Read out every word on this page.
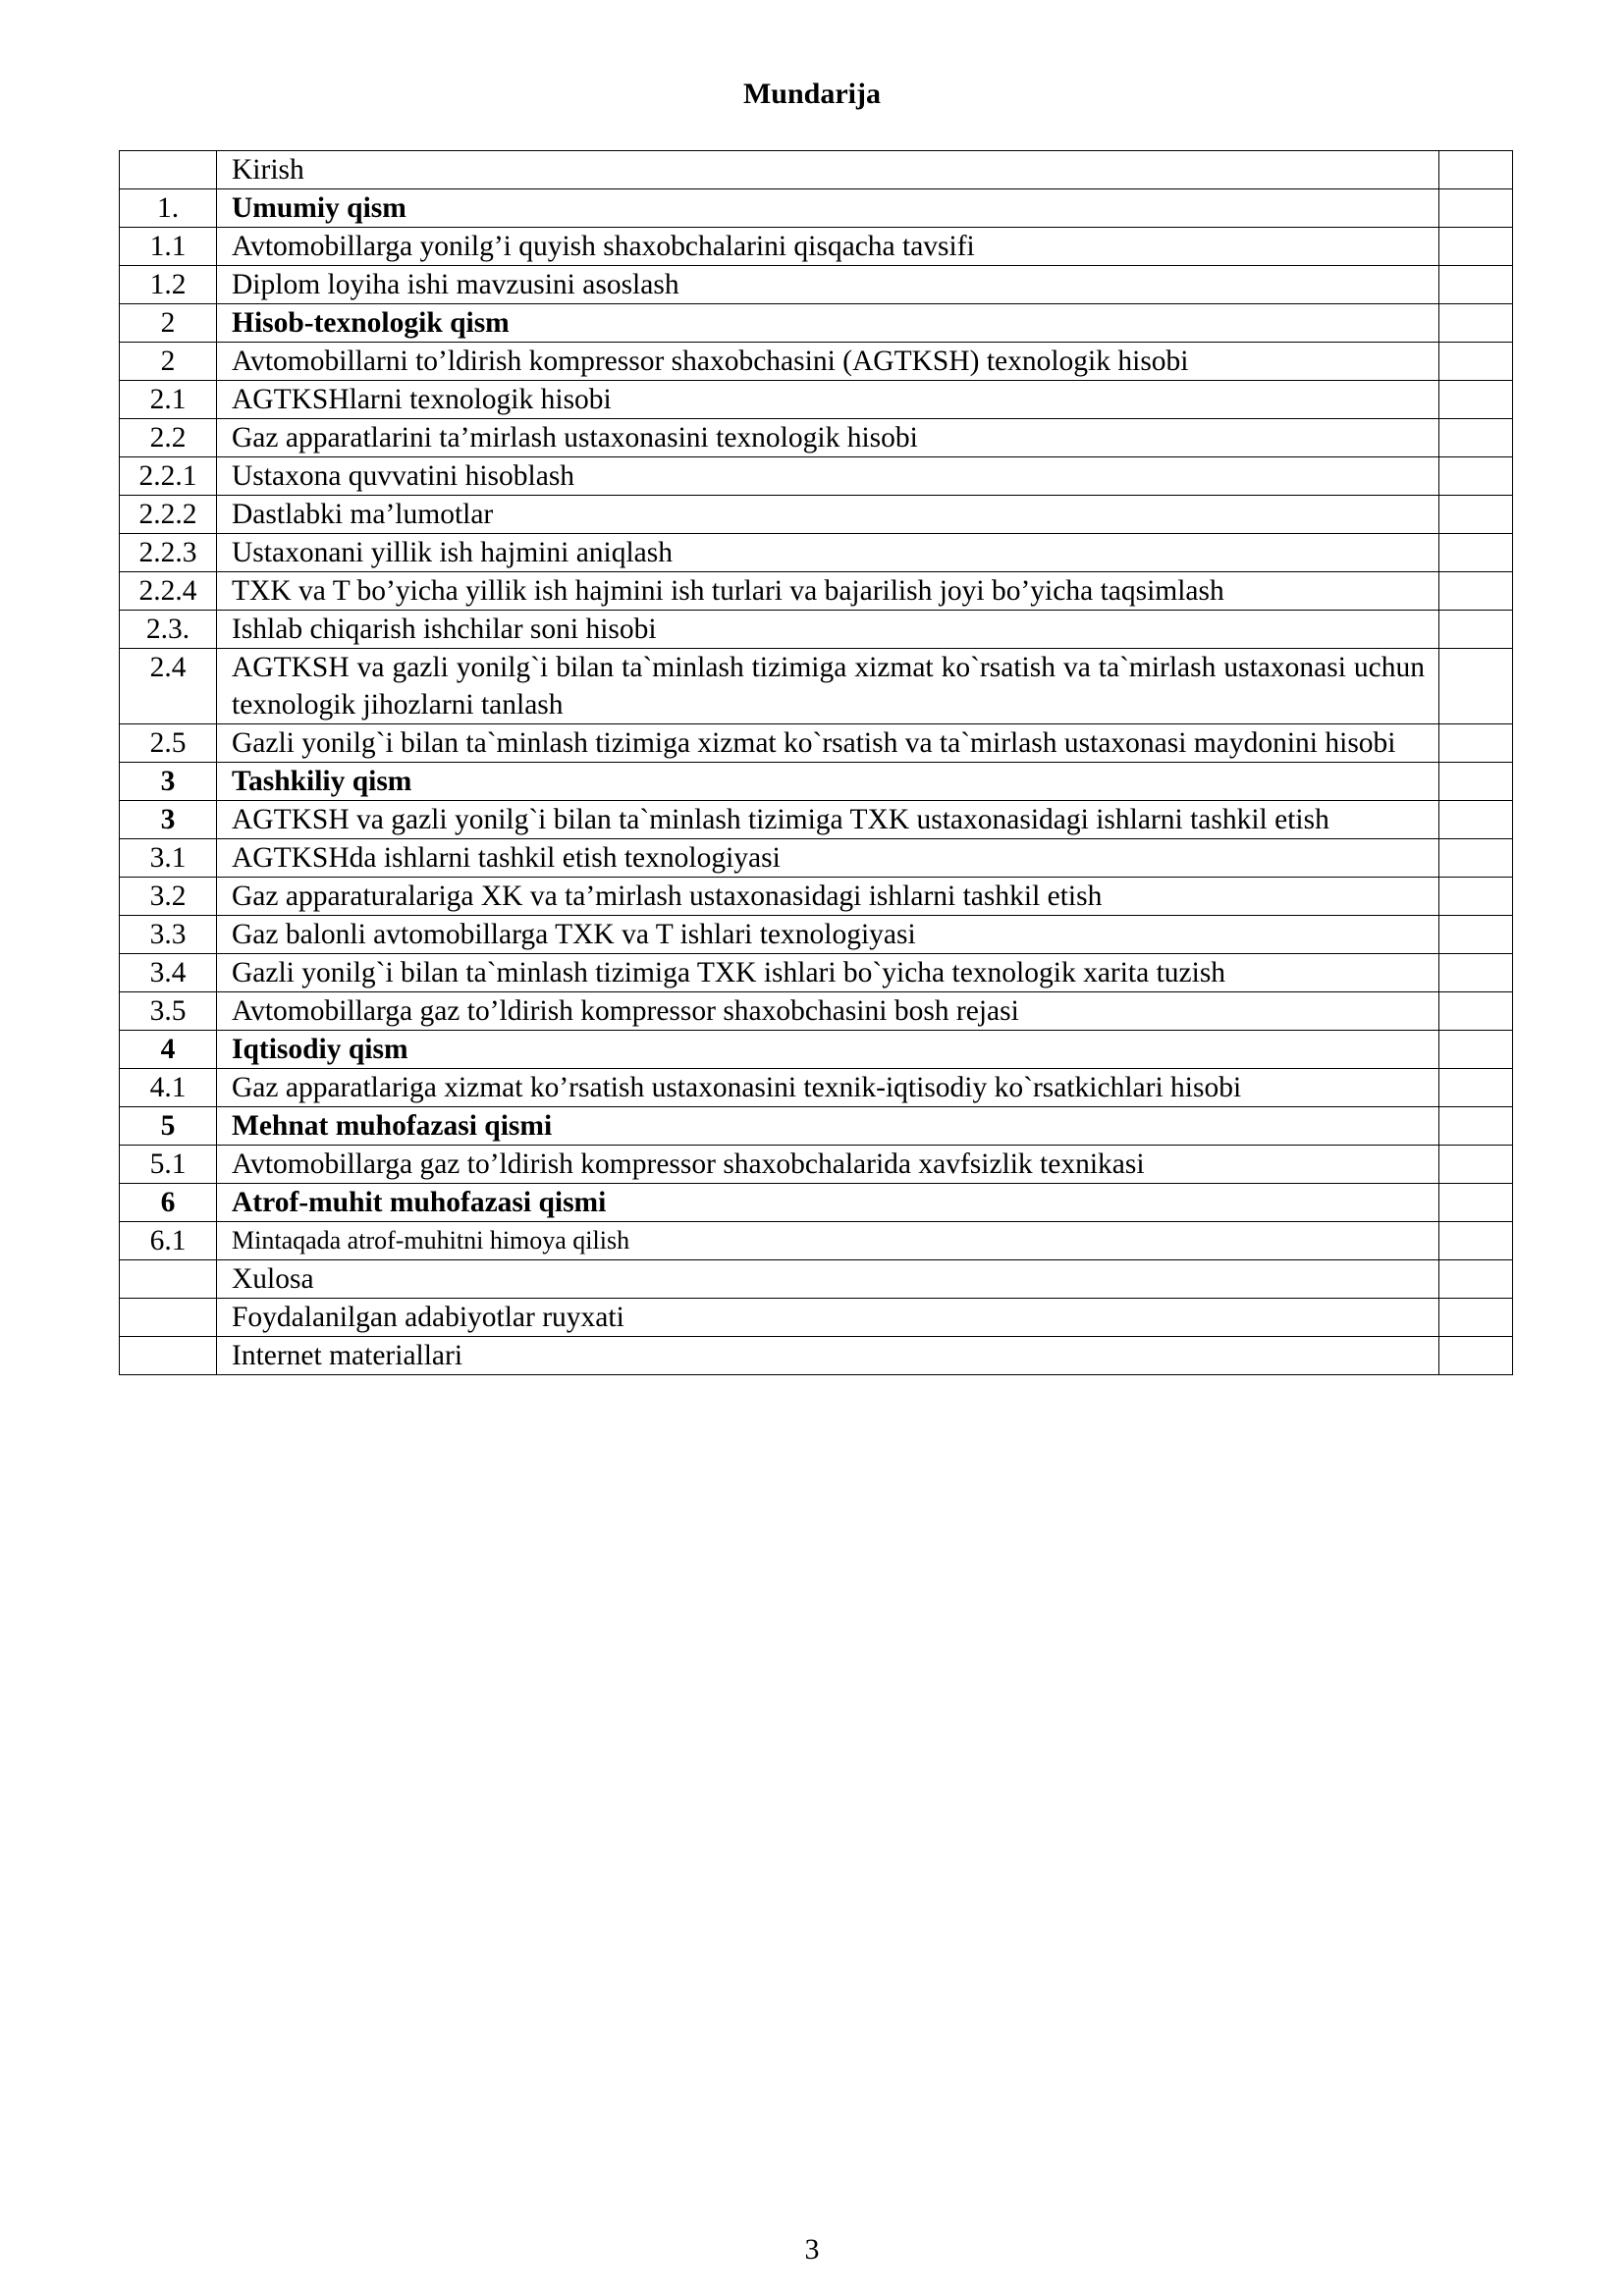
Mundarija
	Kirish	
1.	Umumiy qism	
1.1	Avtomobillarga yonilg’i quyish shaxobchalarini qisqacha tavsifi	
1.2	Diplom loyiha ishi mavzusini asoslash	
2	Hisob-texnologik qism	
2	Avtomobillarni to’ldirish kompressor shaxobchasini (AGTKSH) texnologik hisobi	
2.1	AGTKSHlarni texnologik hisobi	
2.2	Gaz apparatlarini ta’mirlash ustaxonasini texnologik hisobi	
2.2.1	Ustaxona quvvatini hisoblash	
2.2.2	Dastlabki ma’lumotlar	
2.2.3	Ustaxonani yillik ish hajmini aniqlash	
2.2.4	TXK va T bo’yicha yillik ish hajmini ish turlari va bajarilish joyi bo’yicha taqsimlash	
2.3.	Ishlab chiqarish ishchilar soni hisobi	
2.4	AGTKSH va gazli yonilg`i bilan ta`minlash tizimiga xizmat ko`rsatish va ta`mirlash ustaxonasi uchun texnologik jihozlarni tanlash	
2.5	Gazli yonilg`i bilan ta`minlash tizimiga xizmat ko`rsatish va ta`mirlash ustaxonasi maydonini hisobi	
3	Tashkiliy qism	
3	AGTKSH va gazli yonilg`i bilan ta`minlash tizimiga TXK ustaxonasidagi ishlarni tashkil etish	
3.1	AGTKSHda ishlarni tashkil etish texnologiyasi	
3.2	Gaz apparaturalariga XK va ta’mirlash ustaxonasidagi ishlarni tashkil etish	
3.3	Gaz balonli avtomobillarga TXK va T ishlari texnologiyasi	
3.4	Gazli yonilg`i bilan ta`minlash tizimiga TXK ishlari bo`yicha texnologik xarita tuzish	
3.5	Avtomobillarga gaz to’ldirish kompressor shaxobchasini bosh rejasi	
4	Iqtisodiy qism	
4.1	Gaz apparatlariga xizmat ko’rsatish ustaxonasini texnik-iqtisodiy ko`rsatkichlari hisobi	
5	Mehnat muhofazasi qismi	
5.1	Avtomobillarga gaz to’ldirish kompressor shaxobchalarida xavfsizlik texnikasi	
6	Atrof-muhit muhofazasi qismi	
6.1	Mintaqada atrof-muhitni himoya qilish	
	Xulosa	
	Foydalanilgan adabiyotlar ruyxati	
	Internet materiallari	
3
